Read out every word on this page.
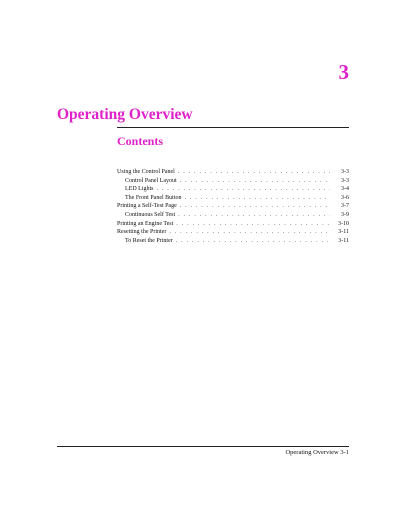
3
Operating Overview
Contents
Using the Control Panel . . .	3-3
Control Panel Layout . . .	3-3
LED Lights . . .	3-4
The Front Panel Button . . .	3-6
Printing a Self-Test Page . . .	3-7
Continuous Self Test . . .	3-9
Printing an Engine Test . . .	3-10
Resetting the Printer . . .	3-11
To Reset the Printer . . .	3-11
Operating Overview 3-1
